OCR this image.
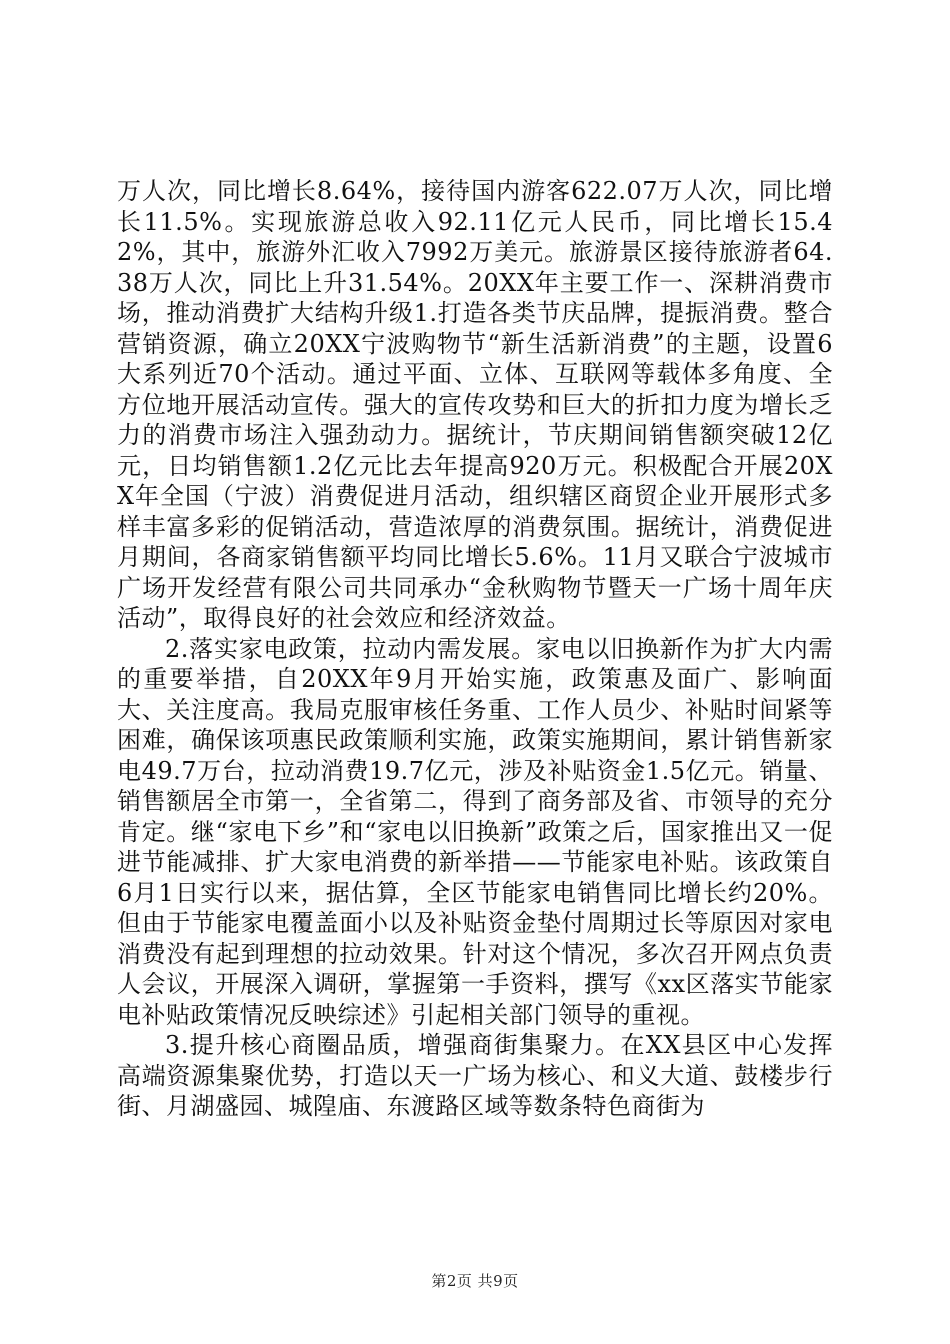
万人次，同比增长8.64%，接待国内游客622.07万人次，同比增长11.5%。实现旅游总收入92.11亿元人民币，同比增长15.42%，其中，旅游外汇收入7992万美元。旅游景区接待旅游者64.38万人次，同比上升31.54%。20XX年主要工作一、深耕消费市场，推动消费扩大结构升级1.打造各类节庆品牌，提振消费。整合营销资源，确立20XX宁波购物节“新生活新消费”的主题，设置6大系列近70个活动。通过平面、立体、互联网等载体多角度、全方位地开展活动宣传。强大的宣传攻势和巨大的折扣力度为增长乏力的消费市场注入强劲动力。据统计，节庆期间销售额突破12亿元，日均销售额1.2亿元比去年提高920万元。积极配合开展20XX年全国（宁波）消费促进月活动，组织辖区商贸企业开展形式多样丰富多彩的促销活动，营造浓厚的消费氛围。据统计，消费促进月期间，各商家销售额平均同比增长5.6%。11月又联合宁波城市广场开发经营有限公司共同承办“金秋购物节暨天一广场十周年庆活动”，取得良好的社会效应和经济效益。

2.落实家电政策，拉动内需发展。家电以旧换新作为扩大内需的重要举措，自20XX年9月开始实施，政策惠及面广、影响面大、关注度高。我局克服审核任务重、工作人员少、补贴时间紧等困难，确保该项惠民政策顺利实施，政策实施期间，累计销售新家电49.7万台，拉动消费19.7亿元，涉及补贴资金1.5亿元。销量、销售额居全市第一，全省第二，得到了商务部及省、市领导的充分肯定。继“家电下乡”和“家电以旧换新”政策之后，国家推出又一促进节能减排、扩大家电消费的新举措——节能家电补贴。该政策自6月1日实行以来，据估算，全区节能家电销售同比增长约20%。但由于节能家电覆盖面小以及补贴资金垫付周期过长等原因对家电消费没有起到理想的拉动效果。针对这个情况，多次召开网点负责人会议，开展深入调研，掌握第一手资料，撰写《xx区落实节能家电补贴政策情况反映综述》引起相关部门领导的重视。

3.提升核心商圈品质，增强商街集聚力。在XX县区中心发挥高端资源集聚优势，打造以天一广场为核心、和义大道、鼓楼步行街、月湖盛园、城隍庙、东渡路区域等数条特色商街为

第2页 共9页
